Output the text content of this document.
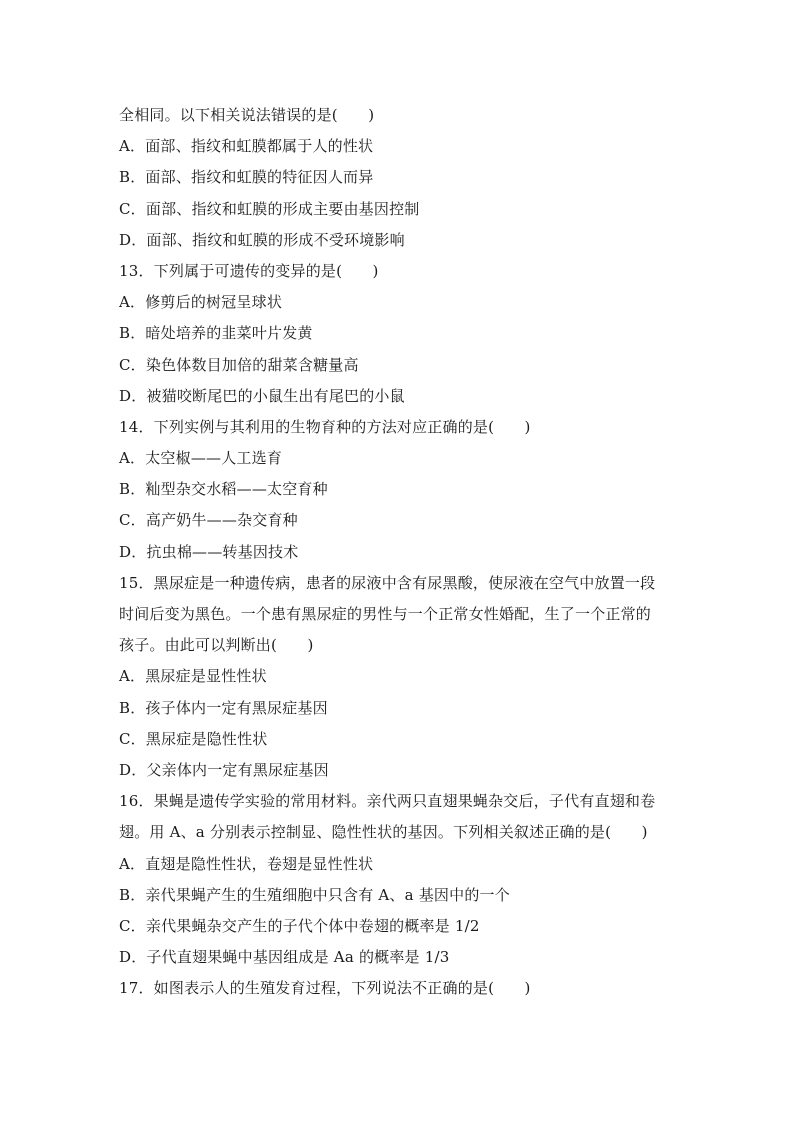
全相同。以下相关说法错误的是(　　)
A．面部、指纹和虹膜都属于人的性状
B．面部、指纹和虹膜的特征因人而异
C．面部、指纹和虹膜的形成主要由基因控制
D．面部、指纹和虹膜的形成不受环境影响
13．下列属于可遗传的变异的是(　　)
A．修剪后的树冠呈球状
B．暗处培养的韭菜叶片发黄
C．染色体数目加倍的甜菜含糖量高
D．被猫咬断尾巴的小鼠生出有尾巴的小鼠
14．下列实例与其利用的生物育种的方法对应正确的是(　　)
A．太空椒——人工选育
B．籼型杂交水稻——太空育种
C．高产奶牛——杂交育种
D．抗虫棉——转基因技术
15．黑尿症是一种遗传病，患者的尿液中含有尿黑酸，使尿液在空气中放置一段
时间后变为黑色。一个患有黑尿症的男性与一个正常女性婚配，生了一个正常的
孩子。由此可以判断出(　　)
A．黑尿症是显性性状
B．孩子体内一定有黑尿症基因
C．黑尿症是隐性性状
D．父亲体内一定有黑尿症基因
16．果蝇是遗传学实验的常用材料。亲代两只直翅果蝇杂交后，子代有直翅和卷
翅。用 A、a 分别表示控制显、隐性性状的基因。下列相关叙述正确的是(　　)
A．直翅是隐性性状，卷翅是显性性状
B．亲代果蝇产生的生殖细胞中只含有 A、a 基因中的一个
C．亲代果蝇杂交产生的子代个体中卷翅的概率是 1/2
D．子代直翅果蝇中基因组成是 Aa 的概率是 1/3
17．如图表示人的生殖发育过程，下列说法不正确的是(　　)
